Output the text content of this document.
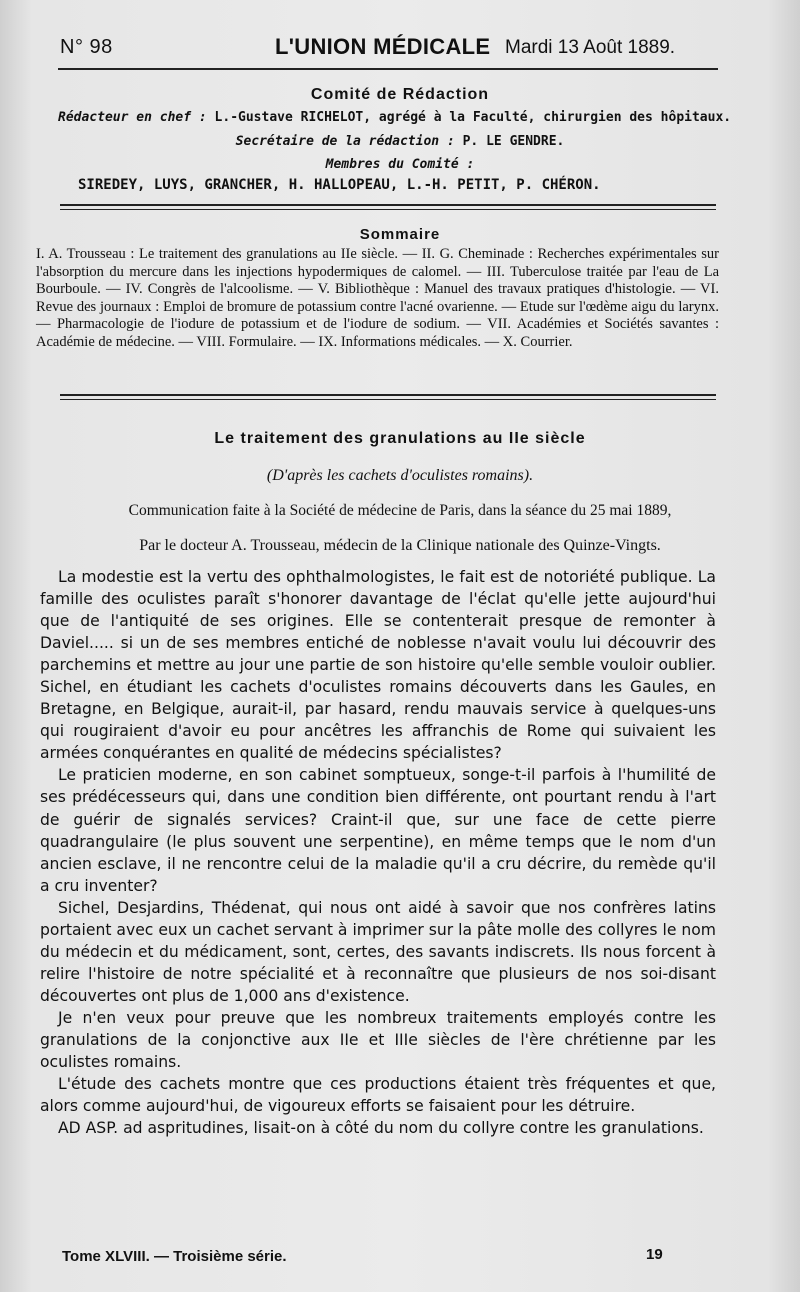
N° 98	L'UNION MÉDICALE Mardi 13 Août 1889.
Comité de Rédaction
Rédacteur en chef : L.-Gustave RICHELOT, agrégé à la Faculté, chirurgien des hôpitaux.
Secrétaire de la rédaction : P. LE GENDRE.
Membres du Comité :
SIREDEY, LUYS, GRANCHER, H. HALLOPEAU, L.-H. PETIT, P. CHÉRON.
Sommaire
I. A. Trousseau : Le traitement des granulations au IIe siècle. — II. G. Cheminade : Recherches expérimentales sur l'absorption du mercure dans les injections hypodermiques de calomel. — III. Tuberculose traitée par l'eau de La Bourboule. — IV. Congrès de l'alcoolisme. — V. Bibliothèque : Manuel des travaux pratiques d'histologie. — VI. Revue des journaux : Emploi de bromure de potassium contre l'acné ovarienne. — Etude sur l'œdème aigu du larynx. — Pharmacologie de l'iodure de potassium et de l'iodure de sodium. — VII. Académies et Sociétés savantes : Académie de médecine. — VIII. Formulaire. — IX. Informations médicales. — X. Courrier.
Le traitement des granulations au IIe siècle
(D'après les cachets d'oculistes romains).
Communication faite à la Société de médecine de Paris, dans la séance du 25 mai 1889,
Par le docteur A. Trousseau, médecin de la Clinique nationale des Quinze-Vingts.

La modestie est la vertu des ophthalmologistes, le fait est de notoriété publique. La famille des oculistes paraît s'honorer davantage de l'éclat qu'elle jette aujourd'hui que de l'antiquité de ses origines. Elle se contenterait presque de remonter à Daviel..... si un de ses membres entiché de noblesse n'avait voulu lui découvrir des parchemins et mettre au jour une partie de son histoire qu'elle semble vouloir oublier. Sichel, en étudiant les cachets d'oculistes romains découverts dans les Gaules, en Bretagne, en Belgique, aurait-il, par hasard, rendu mauvais service à quelques-uns qui rougiraient d'avoir eu pour ancêtres les affranchis de Rome qui suivaient les armées conquérantes en qualité de médecins spécialistes?

Le praticien moderne, en son cabinet somptueux, songe-t-il parfois à l'humilité de ses prédécesseurs qui, dans une condition bien différente, ont pourtant rendu à l'art de guérir de signalés services? Craint-il que, sur une face de cette pierre quadrangulaire (le plus souvent une serpentine), en même temps que le nom d'un ancien esclave, il ne rencontre celui de la maladie qu'il a cru décrire, du remède qu'il a cru inventer?

Sichel, Desjardins, Thédenat, qui nous ont aidé à savoir que nos confrères latins portaient avec eux un cachet servant à imprimer sur la pâte molle des collyres le nom du médecin et du médicament, sont, certes, des savants indiscrets. Ils nous forcent à relire l'histoire de notre spécialité et à reconnaître que plusieurs de nos soi-disant découvertes ont plus de 1,000 ans d'existence.

Je n'en veux pour preuve que les nombreux traitements employés contre les granulations de la conjonctive aux IIe et IIIe siècles de l'ère chrétienne par les oculistes romains.

L'étude des cachets montre que ces productions étaient très fréquentes et que, alors comme aujourd'hui, de vigoureux efforts se faisaient pour les détruire.

AD ASP. ad aspritudines, lisait-on à côté du nom du collyre contre les granulations.

Tome XLVIII. — Troisième série.	19
